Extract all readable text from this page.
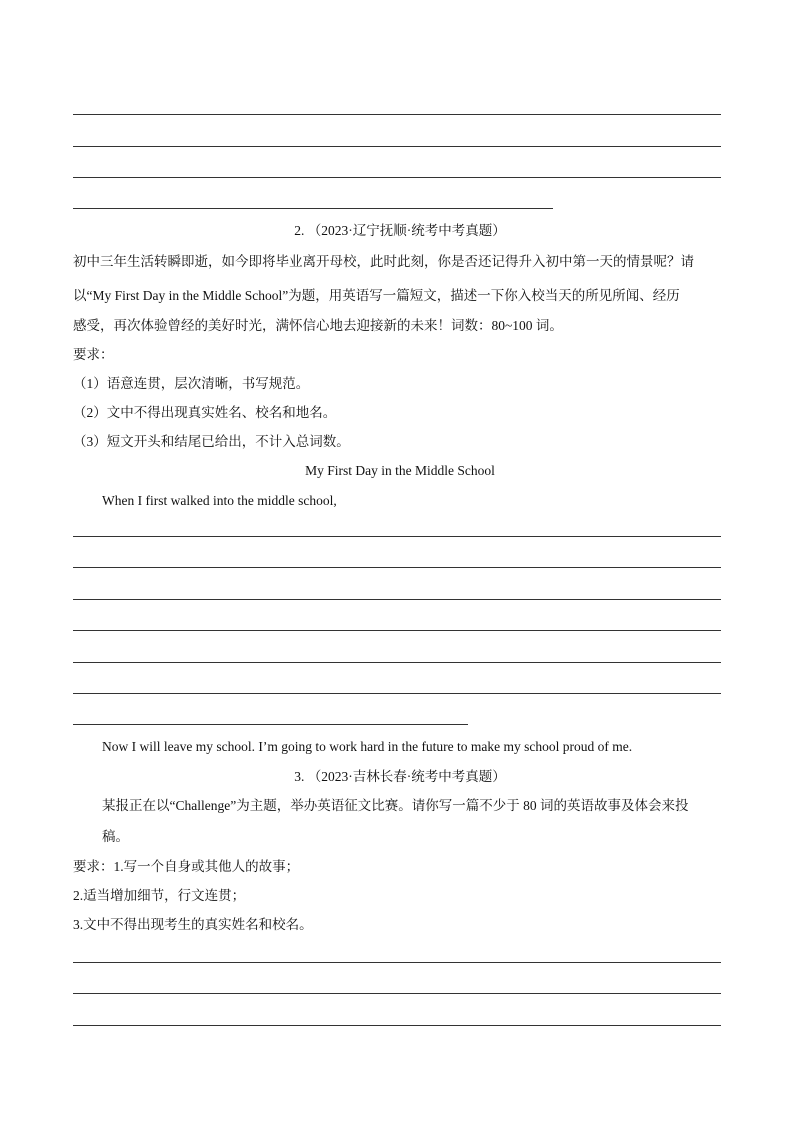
2. （2023·辽宁抚顺·统考中考真题）
初中三年生活转瞬即逝，如今即将毕业离开母校，此时此刻，你是否还记得升入初中第一天的情景呢？请
以“My First Day in the Middle School”为题，用英语写一篇短文，描述一下你入校当天的所见所闻、经历
感受，再次体验曾经的美好时光，满怀信心地去迎接新的未来！词数：80~100 词。
要求：
（1）语意连贯，层次清晰，书写规范。
（2）文中不得出现真实姓名、校名和地名。
（3）短文开头和结尾已给出，不计入总词数。
My First Day in the Middle School
When I first walked into the middle school,
Now I will leave my school. I’m going to work hard in the future to make my school proud of me.
3. （2023·吉林长春·统考中考真题）
某报正在以“Challenge”为主题，举办英语征文比赛。请你写一篇不少于 80 词的英语故事及体会来投
稿。
要求：1.写一个自身或其他人的故事；
2.适当增加细节，行文连贯；
3.文中不得出现考生的真实姓名和校名。
